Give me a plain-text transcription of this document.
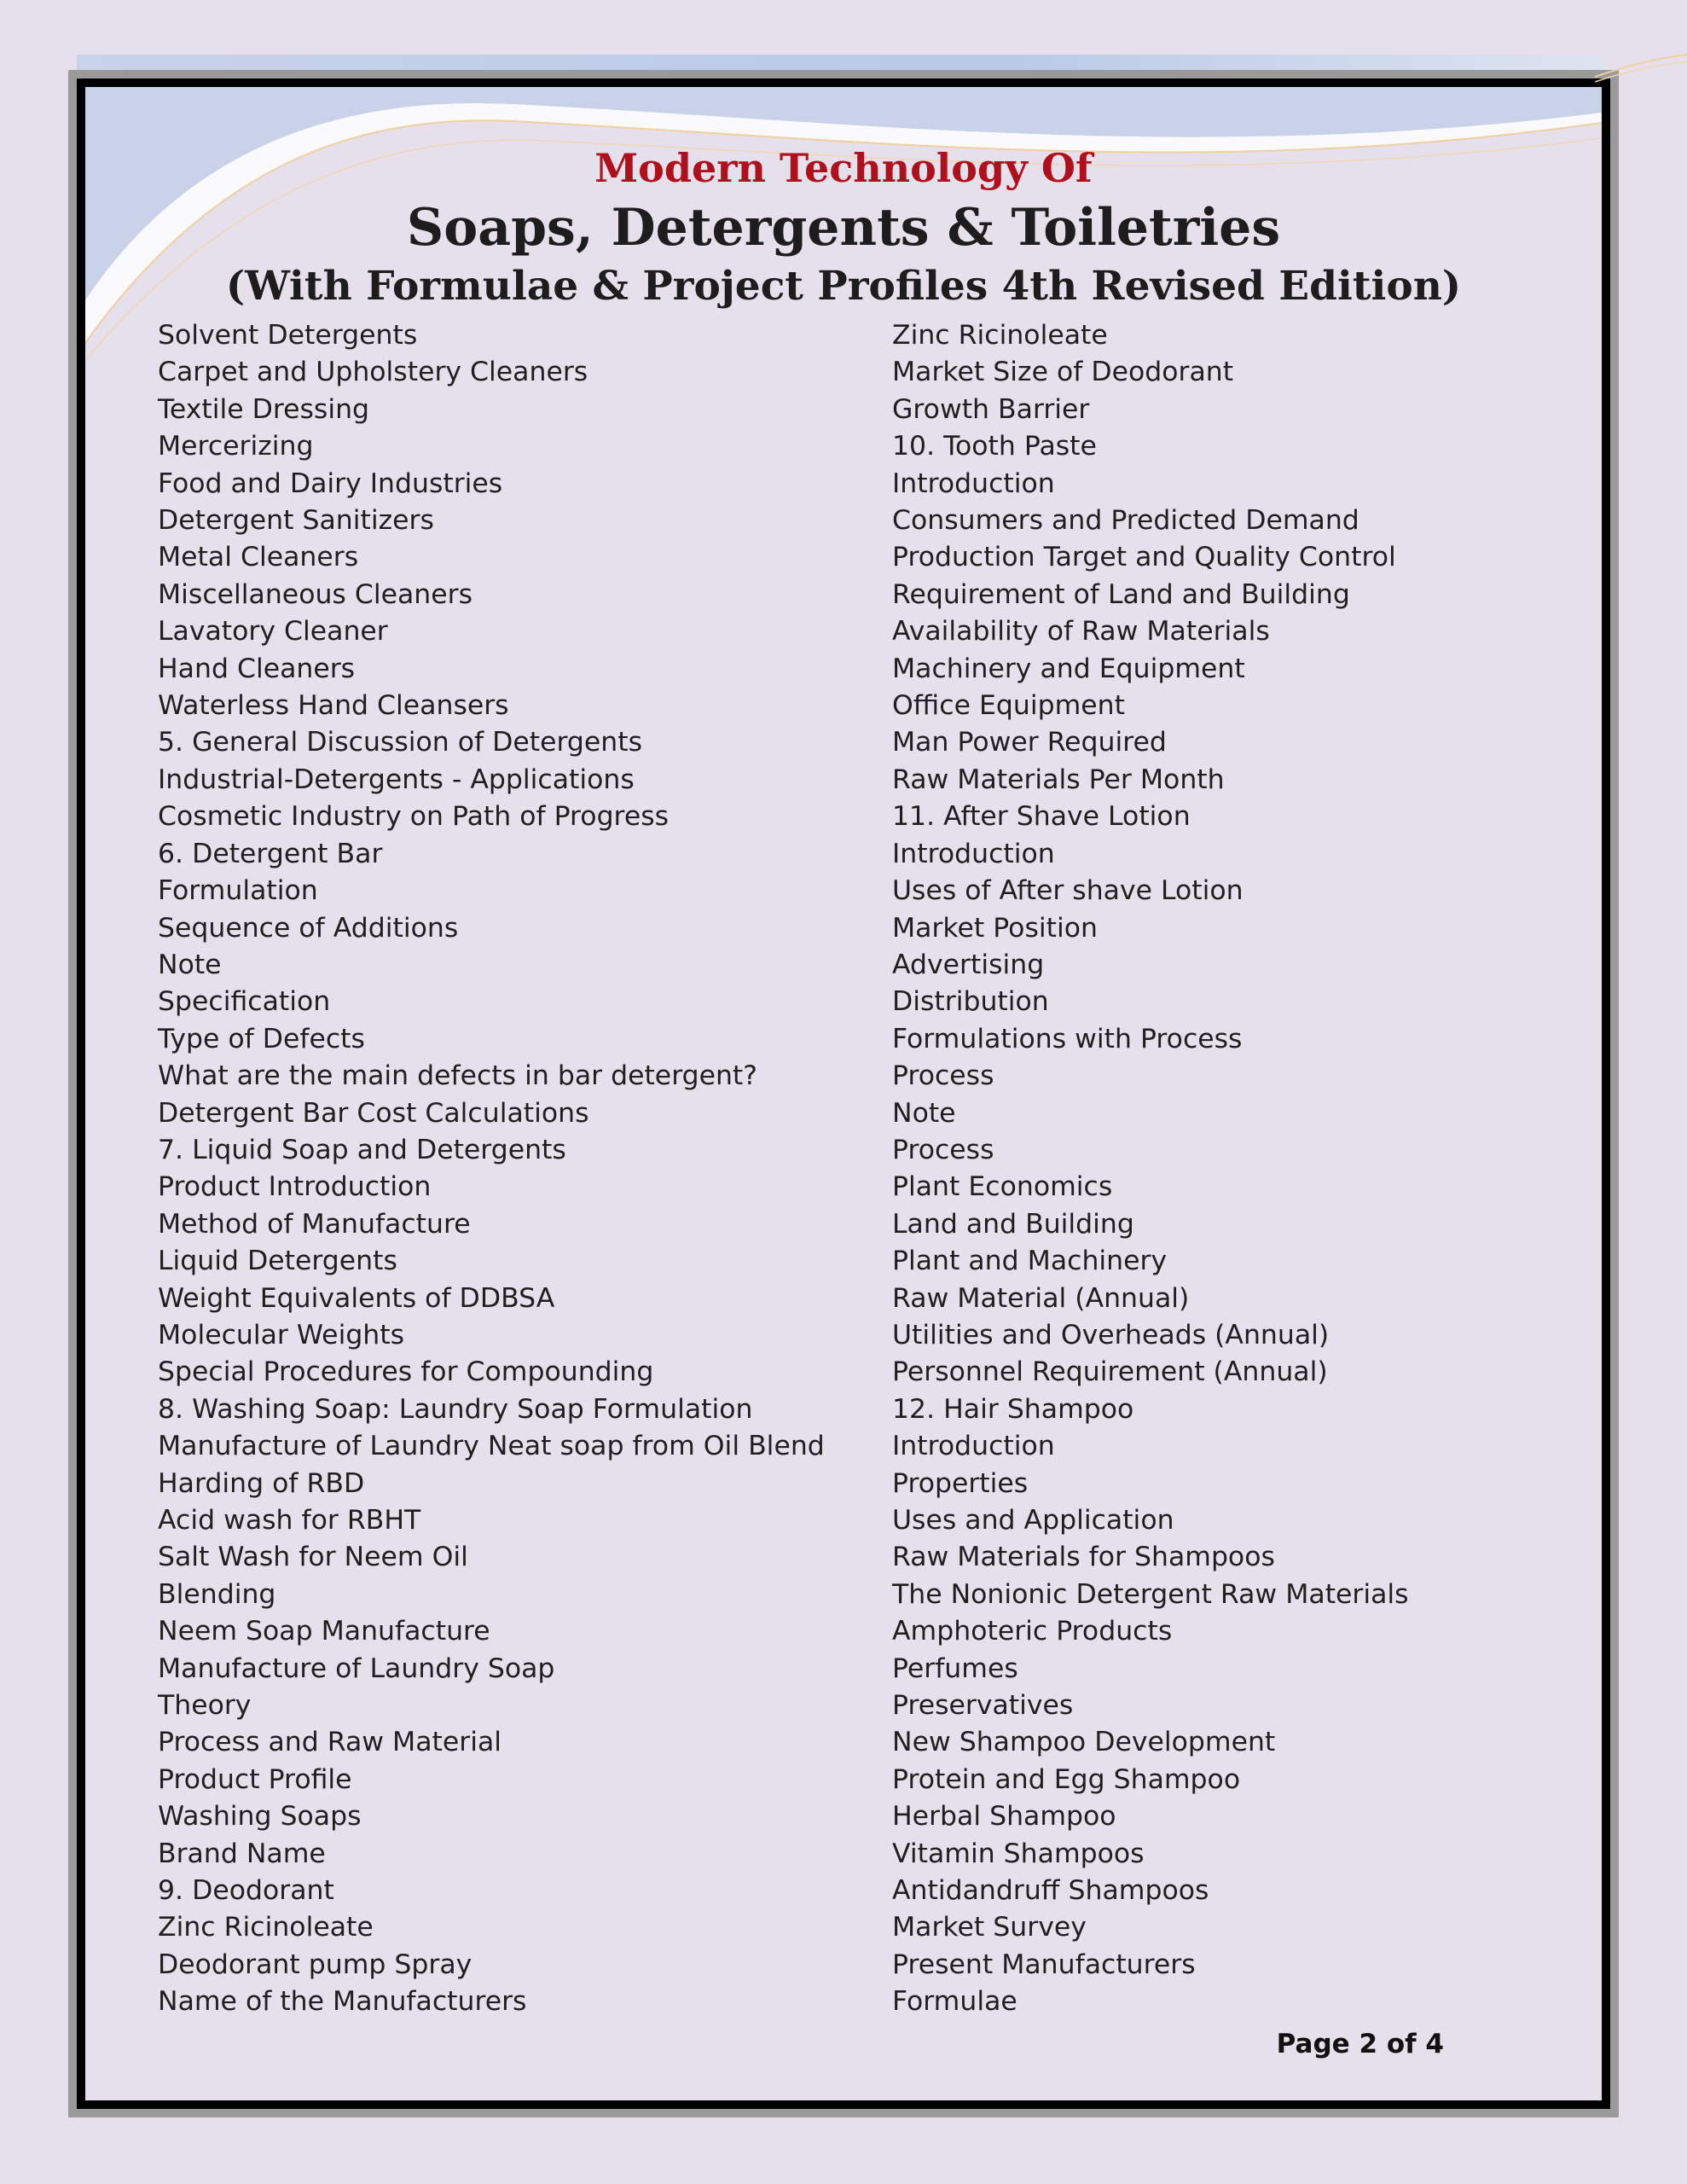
Modern Technology Of
Soaps, Detergents & Toiletries
(With Formulae & Project Profiles 4th Revised Edition)
Solvent Detergents
Carpet and Upholstery Cleaners
Textile Dressing
Mercerizing
Food and Dairy Industries
Detergent Sanitizers
Metal Cleaners
Miscellaneous Cleaners
Lavatory Cleaner
Hand Cleaners
Waterless Hand Cleansers
5. General Discussion of Detergents
Industrial-Detergents - Applications
Cosmetic Industry on Path of Progress
6. Detergent Bar
Formulation
Sequence of Additions
Note
Specification
Type of Defects
What are the main defects in bar detergent?
Detergent Bar Cost Calculations
7. Liquid Soap and Detergents
Product Introduction
Method of Manufacture
Liquid Detergents
Weight Equivalents of DDBSA
Molecular Weights
Special Procedures for Compounding
8. Washing Soap: Laundry Soap Formulation
Manufacture of Laundry Neat soap from Oil Blend
Harding of RBD
Acid wash for RBHT
Salt Wash for Neem Oil
Blending
Neem Soap Manufacture
Manufacture of Laundry Soap
Theory
Process and Raw Material
Product Profile
Washing Soaps
Brand Name
9. Deodorant
Zinc Ricinoleate
Deodorant pump Spray
Name of the Manufacturers
Zinc Ricinoleate
Market Size of Deodorant
Growth Barrier
10. Tooth Paste
Introduction
Consumers and Predicted Demand
Production Target and Quality Control
Requirement of Land and Building
Availability of Raw Materials
Machinery and Equipment
Office Equipment
Man Power Required
Raw Materials Per Month
11. After Shave Lotion
Introduction
Uses of After shave Lotion
Market Position
Advertising
Distribution
Formulations with Process
Process
Note
Process
Plant Economics
Land and Building
Plant and Machinery
Raw Material (Annual)
Utilities and Overheads (Annual)
Personnel Requirement (Annual)
12. Hair Shampoo
Introduction
Properties
Uses and Application
Raw Materials for Shampoos
The Nonionic Detergent Raw Materials
Amphoteric Products
Perfumes
Preservatives
New Shampoo Development
Protein and Egg Shampoo
Herbal Shampoo
Vitamin Shampoos
Antidandruff Shampoos
Market Survey
Present Manufacturers
Formulae
Page 2 of 4
